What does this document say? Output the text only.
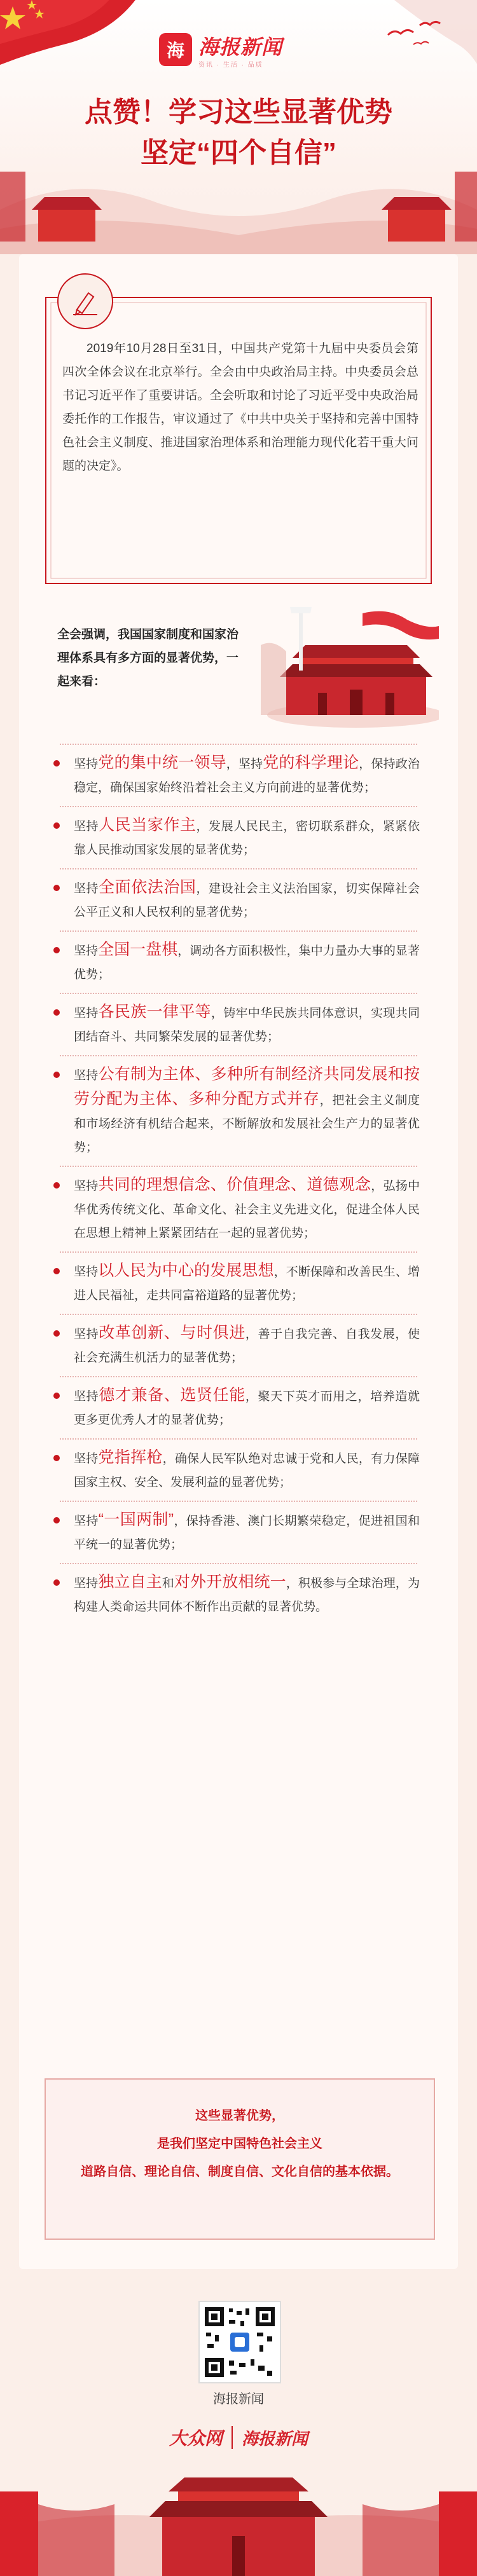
海 海报新闻
资讯 · 生活 · 品质
点赞！学习这些显著优势
坚定“四个自信”
2019年10月28日至31日，中国共产党第十九届中央委员会第四次全体会议在北京举行。全会由中央政治局主持。中央委员会总书记习近平作了重要讲话。全会听取和讨论了习近平受中央政治局委托作的工作报告，审议通过了《中共中央关于坚持和完善中国特色社会主义制度、推进国家治理体系和治理能力现代化若干重大问题的决定》。
全会强调，我国国家制度和国家治理体系具有多方面的显著优势，一起来看：
坚持党的集中统一领导，坚持党的科学理论，保持政治稳定，确保国家始终沿着社会主义方向前进的显著优势；
坚持人民当家作主，发展人民民主，密切联系群众，紧紧依靠人民推动国家发展的显著优势；
坚持全面依法治国，建设社会主义法治国家，切实保障社会公平正义和人民权利的显著优势；
坚持全国一盘棋，调动各方面积极性，集中力量办大事的显著优势；
坚持各民族一律平等，铸牢中华民族共同体意识，实现共同团结奋斗、共同繁荣发展的显著优势；
坚持公有制为主体、多种所有制经济共同发展和按劳分配为主体、多种分配方式并存，把社会主义制度和市场经济有机结合起来，不断解放和发展社会生产力的显著优势；
坚持共同的理想信念、价值理念、道德观念，弘扬中华优秀传统文化、革命文化、社会主义先进文化，促进全体人民在思想上精神上紧紧团结在一起的显著优势；
坚持以人民为中心的发展思想，不断保障和改善民生、增进人民福祉，走共同富裕道路的显著优势；
坚持改革创新、与时俱进，善于自我完善、自我发展，使社会充满生机活力的显著优势；
坚持德才兼备、选贤任能，聚天下英才而用之，培养造就更多更优秀人才的显著优势；
坚持党指挥枪，确保人民军队绝对忠诚于党和人民，有力保障国家主权、安全、发展利益的显著优势；
坚持“一国两制”，保持香港、澳门长期繁荣稳定，促进祖国和平统一的显著优势；
坚持独立自主和对外开放相统一，积极参与全球治理，为构建人类命运共同体不断作出贡献的显著优势。
这些显著优势，
是我们坚定中国特色社会主义
道路自信、理论自信、制度自信、文化自信的基本依据。
海报新闻
大众网 海报新闻
